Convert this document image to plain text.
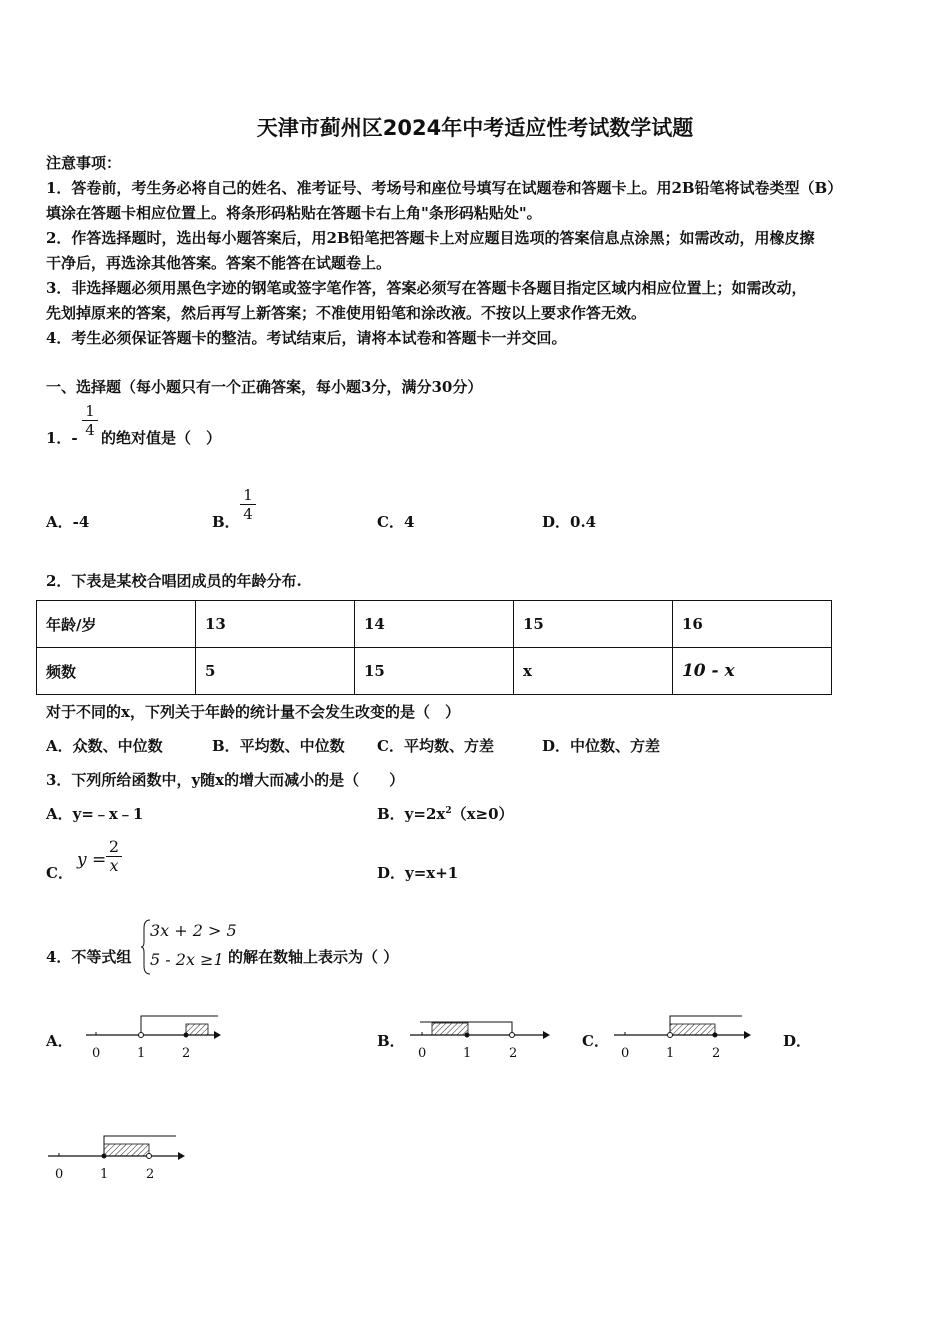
天津市蓟州区2024年中考适应性考试数学试题
注意事项：
1．答卷前，考生务必将自己的姓名、准考证号、考场号和座位号填写在试题卷和答题卡上。用2B铅笔将试卷类型（B）
填涂在答题卡相应位置上。将条形码粘贴在答题卡右上角"条形码粘贴处"。
2．作答选择题时，选出每小题答案后，用2B铅笔把答题卡上对应题目选项的答案信息点涂黑；如需改动，用橡皮擦
干净后，再选涂其他答案。答案不能答在试题卷上。
3．非选择题必须用黑色字迹的钢笔或签字笔作答，答案必须写在答题卡各题目指定区域内相应位置上；如需改动，
先划掉原来的答案，然后再写上新答案；不准使用铅笔和涂改液。不按以上要求作答无效。
4．考生必须保证答题卡的整洁。考试结束后，请将本试卷和答题卡一并交回。
一、选择题（每小题只有一个正确答案，每小题3分，满分30分）
1．-
1
4 的绝对值是（　）
A．-4	B．
1
4	C．4	D．0.4
2．下表是某校合唱团成员的年龄分布.
年龄/岁	13	14	15	16
频数	5	15	x	10 - x
对于不同的x，下列关于年龄的统计量不会发生改变的是（　）
A．众数、中位数	B．平均数、中位数 C．平均数、方差	D．中位数、方差
3．下列所给函数中，y随x的增大而减小的是（　　）
A．y=﹣x﹣1	B．$y=2x^2(x\ge 0)$
C．
y =
2
x	D．y=x+1
4．不等式组
3x + 2 > 5
5 - 2x ≥1 的解在数轴上表示为（ ）
A．
0	1	2
B．
0	1	2
C．
0	1	2
D．
0	1	2
